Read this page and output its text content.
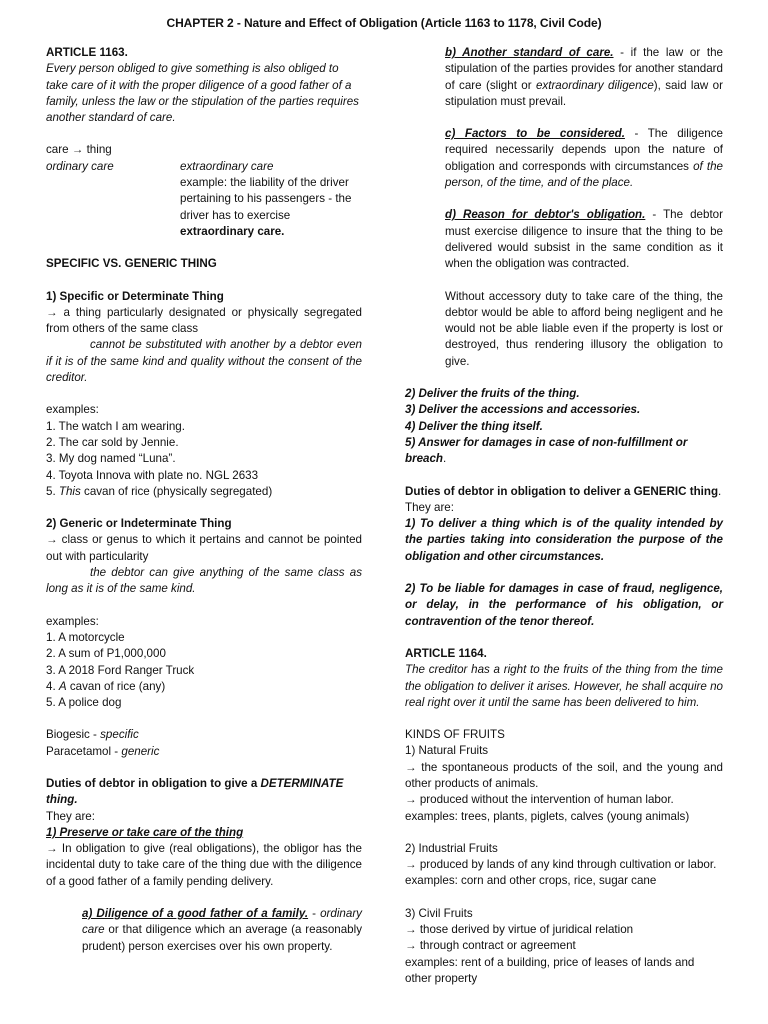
CHAPTER 2 - Nature and Effect of Obligation (Article 1163 to 1178, Civil Code)

ARTICLE 1163.

Every person obliged to give something is also obliged to take care of it with the proper diligence of a good father of a family, unless the law or the stipulation of the parties requires another standard of care.

care → thing

ordinary care	extraordinary care

example: the liability of the driver pertaining to his passengers - the driver has to exercise extraordinary care.

SPECIFIC VS. GENERIC THING

1) Specific or Determinate Thing

→ a thing particularly designated or physically segregated from others of the same class

cannot be substituted with another by a debtor even if it is of the same kind and quality without the consent of the creditor.

examples:

1. The watch I am wearing.

2. The car sold by Jennie.

3. My dog named “Luna”.

4. Toyota Innova with plate no. NGL 2633

5. This cavan of rice (physically segregated)

2) Generic or Indeterminate Thing

→ class or genus to which it pertains and cannot be pointed out with particularity

the debtor can give anything of the same class as long as it is of the same kind.

examples:

1. A motorcycle

2. A sum of P1,000,000

3. A 2018 Ford Ranger Truck

4. A cavan of rice (any)

5. A police dog

Biogesic - specific

Paracetamol - generic

Duties of debtor in obligation to give a DETERMINATE thing.

They are:

1) Preserve or take care of the thing

→ In obligation to give (real obligations), the obligor has the incidental duty to take care of the thing due with the diligence of a good father of a family pending delivery.

a) Diligence of a good father of a family. - ordinary care or that diligence which an average (a reasonably prudent) person exercises over his own property.

b) Another standard of care. - if the law or the stipulation of the parties provides for another standard of care (slight or extraordinary diligence), said law or stipulation must prevail.

c) Factors to be considered. - The diligence required necessarily depends upon the nature of obligation and corresponds with circumstances of the person, of the time, and of the place.

d) Reason for debtor's obligation. - The debtor must exercise diligence to insure that the thing to be delivered would subsist in the same condition as it when the obligation was contracted.

Without accessory duty to take care of the thing, the debtor would be able to afford being negligent and he would not be able liable even if the property is lost or destroyed, thus rendering illusory the obligation to give.

2) Deliver the fruits of the thing.

3) Deliver the accessions and accessories.

4) Deliver the thing itself.

5) Answer for damages in case of non-fulfillment or breach.

Duties of debtor in obligation to deliver a GENERIC thing.

They are:

1) To deliver a thing which is of the quality intended by the parties taking into consideration the purpose of the obligation and other circumstances.

2) To be liable for damages in case of fraud, negligence, or delay, in the performance of his obligation, or contravention of the tenor thereof.

ARTICLE 1164.

The creditor has a right to the fruits of the thing from the time the obligation to deliver it arises. However, he shall acquire no real right over it until the same has been delivered to him.

KINDS OF FRUITS

1) Natural Fruits

→ the spontaneous products of the soil, and the young and other products of animals.

→ produced without the intervention of human labor.

examples: trees, plants, piglets, calves (young animals)

2) Industrial Fruits

→ produced by lands of any kind through cultivation or labor.

examples: corn and other crops, rice, sugar cane

3) Civil Fruits

→ those derived by virtue of juridical relation

→ through contract or agreement

examples: rent of a building, price of leases of lands and other property
